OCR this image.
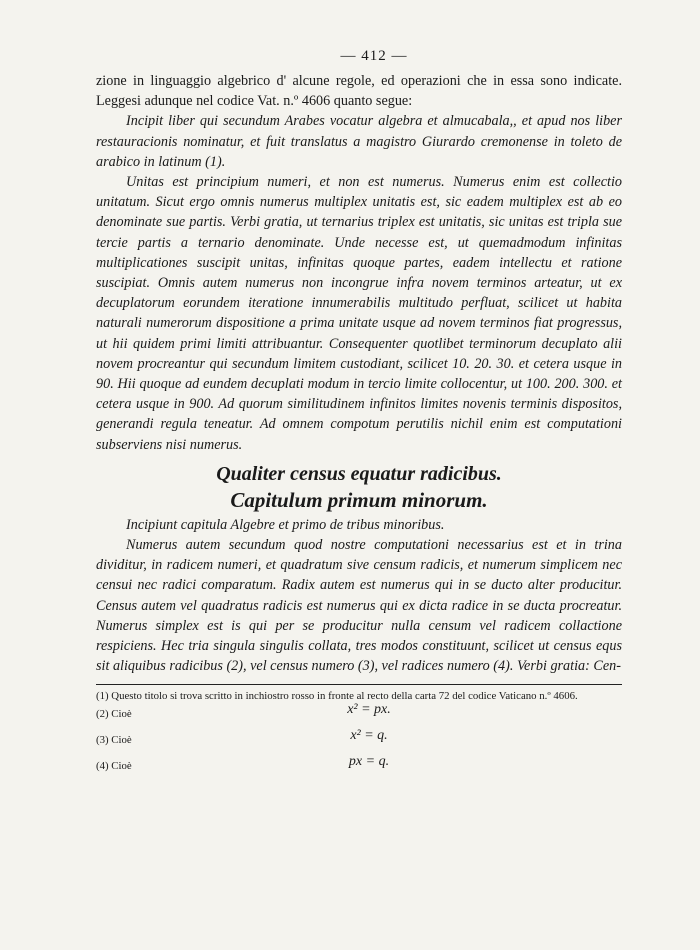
— 412 —

zione in linguaggio algebrico d' alcune regole, ed operazioni che in essa sono indicate. Leggesi adunque nel codice Vat. n.º 4606 quanto segue:

Incipit liber qui secundum Arabes vocatur algebra et almucabala,, et apud nos liber restauracionis nominatur, et fuit translatus a magistro Giurardo cremonense in toleto de arabico in latinum (1).

Unitas est principium numeri, et non est numerus. Numerus enim est collectio unitatum. Sicut ergo omnis numerus multiplex unitatis est, sic eadem multiplex est ab eo denominate sue partis. Verbi gratia, ut ternarius triplex est unitatis, sic unitas est tripla sue tercie partis a ternario denominate. Unde necesse est, ut quemadmodum infinitas multiplicationes suscipit unitas, infinitas quoque partes, eadem intellectu et ratione suscipiat. Omnis autem numerus non incongrue infra novem terminos arteatur, ut ex decuplatorum eorundem iteratione innumerabilis multitudo perfluat, scilicet ut habita naturali numerorum dispositione a prima unitate usque ad novem terminos fiat progressus, ut hii quidem primi limiti attribuantur. Consequenter quotlibet terminorum decuplato alii novem procreantur qui secundum limitem custodiant, scilicet 10. 20. 30. et cetera usque in 90. Hii quoque ad eundem decuplati modum in tercio limite collocentur, ut 100. 200. 300. et cetera usque in 900. Ad quorum similitudinem infinitos limites novenis terminis dispositos, generandi regula teneatur. Ad omnem compotum perutilis nichil enim est computationi subserviens nisi numerus.

Qualiter census equatur radicibus.
Capitulum primum minorum.

Incipiunt capitula Algebre et primo de tribus minoribus.

Numerus autem secundum quod nostre computationi necessarius est et in trina dividitur, in radicem numeri, et quadratum sive censum radicis, et numerum simplicem nec censui nec radici comparatum. Radix autem est numerus qui in se ducto alter producitur. Census autem vel quadratus radicis est numerus qui ex dicta radice in se ducta procreatur. Numerus simplex est is qui per se producitur nulla censum vel radicem collactione respiciens. Hec tria singula singulis collata, tres modos constituunt, scilicet ut census equs sit aliquibus radicibus (2), vel census numero (3), vel radices numero (4). Verbi gratia: Cen-

(1) Questo titolo si trova scritto in inchiostro rosso in fronte al recto della carta 72 del codice Vaticano n.º 4606.

(2) Cioè	x² = px.
(3) Cioè	x² = q.
(4) Cioè	px = q.
